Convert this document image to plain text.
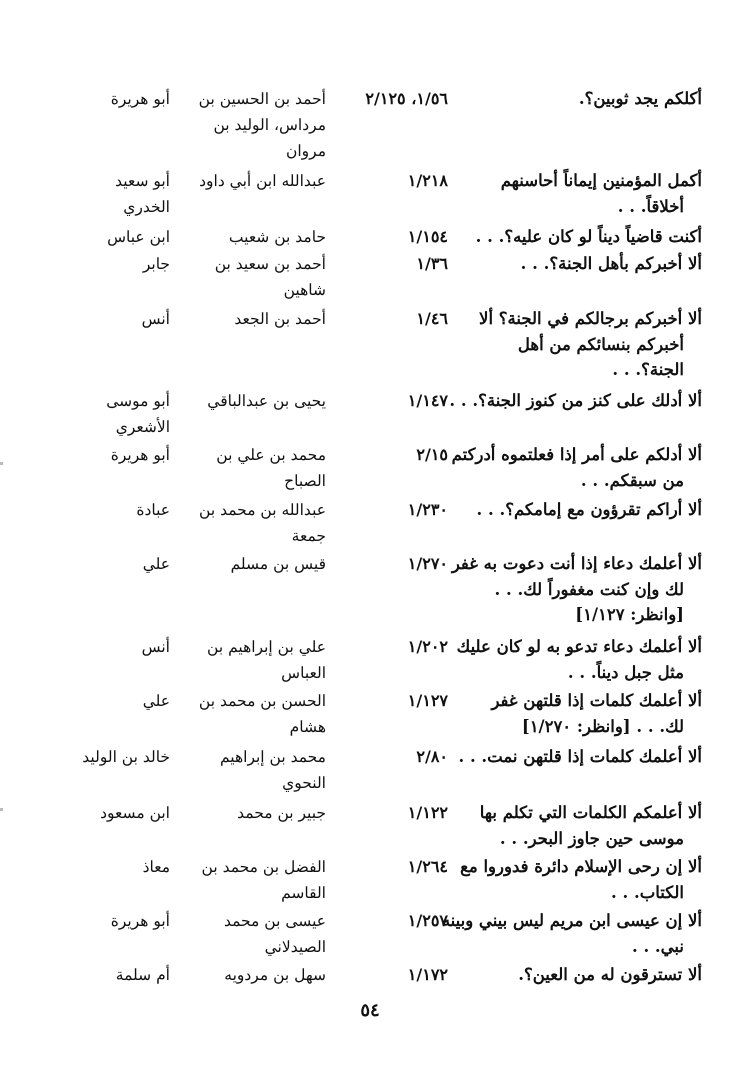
أكلكم يجد ثوبين؟.
١/٥٦، ٢/١٢٥
أحمد بن الحسين بن
مرداس، الوليد بن
مروان
أبو هريرة
أكمل المؤمنين إيماناً أحاسنهم
أخلاقاً. . .
١/٢١٨
عبدالله ابن أبي داود
أبو سعيد
الخدري
أكنت قاضياً ديناً لو كان عليه؟. . .
١/١٥٤
حامد بن شعيب
ابن عباس
ألا أخبركم بأهل الجنة؟. . .
١/٣٦
أحمد بن سعيد بن
شاهين
جابر
ألا أخبركم برجالكم في الجنة؟ ألا
أخبركم بنسائكم من أهل
الجنة؟. . .
١/٤٦
أحمد بن الجعد
أنس
ألا أدلك على كنز من كنوز الجنة؟. . .
١/١٤٧
يحيى بن عبدالباقي
أبو موسى
الأشعري
ألا أدلكم على أمر إذا فعلتموه أدركتم
من سبقكم. . .
٢/١٥
محمد بن علي بن
الصباح
أبو هريرة
ألا أراكم تقرؤون مع إمامكم؟. . .
١/٢٣٠
عبدالله بن محمد بن
جمعة
عبادة
ألا أعلمك دعاء إذا أنت دعوت به غفر
لك وإن كنت مغفوراً لك. . .
[وانظر: ١/١٢٧]
١/٢٧٠
قيس بن مسلم
علي
ألا أعلمك دعاء تدعو به لو كان عليك
مثل جبل ديناً. . .
١/٢٠٢
علي بن إبراهيم بن
العباس
أنس
ألا أعلمك كلمات إذا قلتهن غفر
لك. . . [وانظر: ١/٢٧٠]
١/١٢٧
الحسن بن محمد بن
هشام
علي
ألا أعلمك كلمات إذا قلتهن نمت. . .
٢/٨٠
محمد بن إبراهيم
النحوي
خالد بن الوليد
ألا أعلمكم الكلمات التي تكلم بها
موسى حين جاوز البحر. . .
١/١٢٢
جبير بن محمد
ابن مسعود
ألا إن رحى الإسلام دائرة فدوروا مع
الكتاب. . .
١/٢٦٤
الفضل بن محمد بن
القاسم
معاذ
ألا إن عيسى ابن مريم ليس بيني وبينه
نبي. . .
١/٢٥٧
عيسى بن محمد
الصيدلاني
أبو هريرة
ألا تسترقون له من العين؟.
١/١٧٢
سهل بن مردويه
أم سلمة
٥٤
